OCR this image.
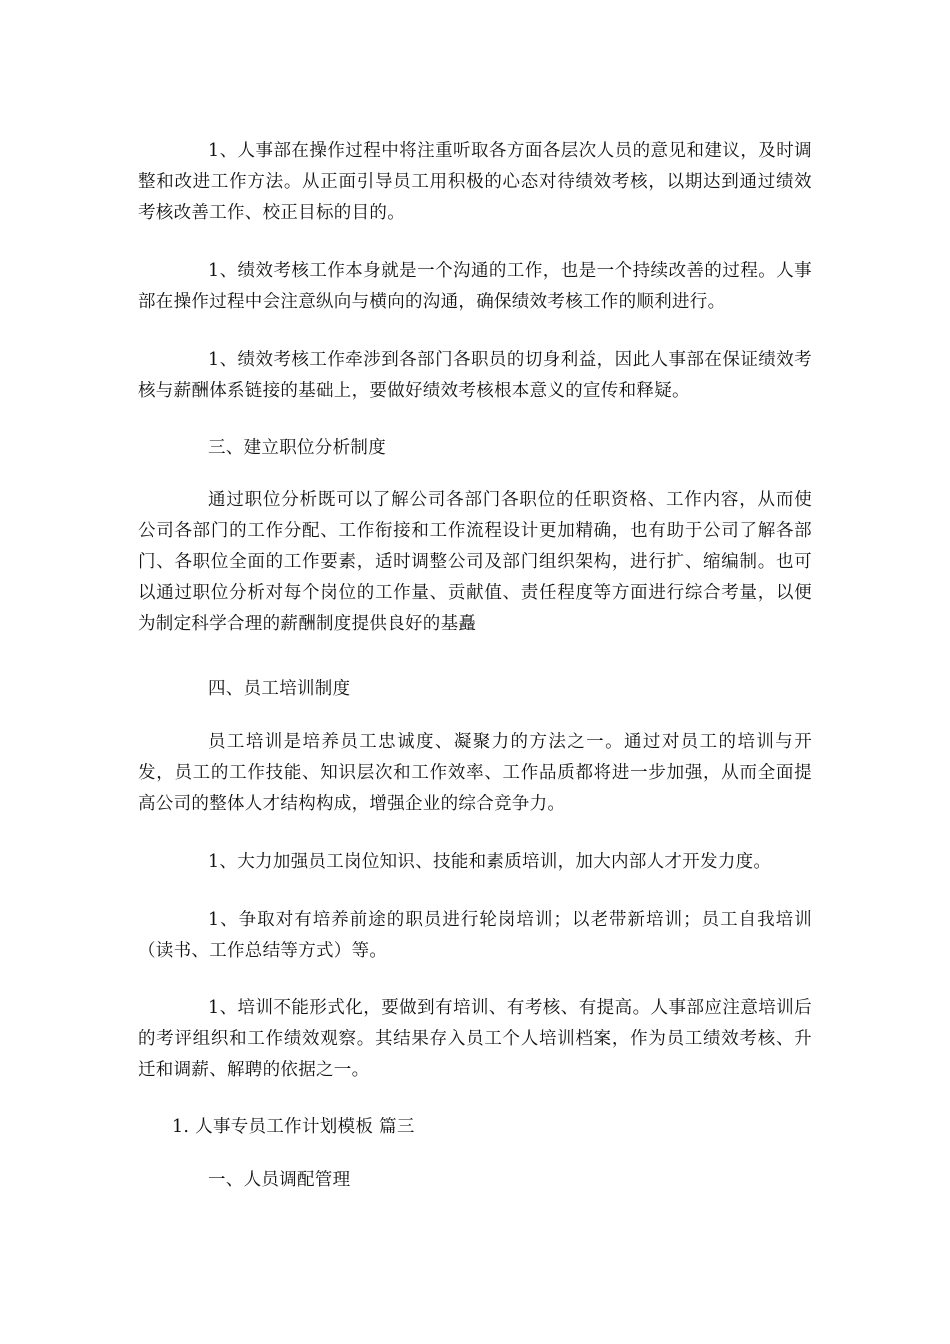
1、人事部在操作过程中将注重听取各方面各层次人员的意见和建议，及时调整和改进工作方法。从正面引导员工用积极的心态对待绩效考核，以期达到通过绩效考核改善工作、校正目标的目的。

1、绩效考核工作本身就是一个沟通的工作，也是一个持续改善的过程。人事部在操作过程中会注意纵向与横向的沟通，确保绩效考核工作的顺利进行。

1、绩效考核工作牵涉到各部门各职员的切身利益，因此人事部在保证绩效考核与薪酬体系链接的基础上，要做好绩效考核根本意义的宣传和释疑。

三、建立职位分析制度

通过职位分析既可以了解公司各部门各职位的任职资格、工作内容，从而使公司各部门的工作分配、工作衔接和工作流程设计更加精确，也有助于公司了解各部门、各职位全面的工作要素，适时调整公司及部门组织架构，进行扩、缩编制。也可以通过职位分析对每个岗位的工作量、贡献值、责任程度等方面进行综合考量，以便为制定科学合理的薪酬制度提供良好的基矗

四、员工培训制度

员工培训是培养员工忠诚度、凝聚力的方法之一。通过对员工的培训与开发，员工的工作技能、知识层次和工作效率、工作品质都将进一步加强，从而全面提高公司的整体人才结构构成，增强企业的综合竞争力。

1、大力加强员工岗位知识、技能和素质培训，加大内部人才开发力度。

1、争取对有培养前途的职员进行轮岗培训；以老带新培训；员工自我培训（读书、工作总结等方式）等。

1、培训不能形式化，要做到有培训、有考核、有提高。人事部应注意培训后的考评组织和工作绩效观察。其结果存入员工个人培训档案，作为员工绩效考核、升迁和调薪、解聘的依据之一。

1. 人事专员工作计划模板 篇三

一、人员调配管理
